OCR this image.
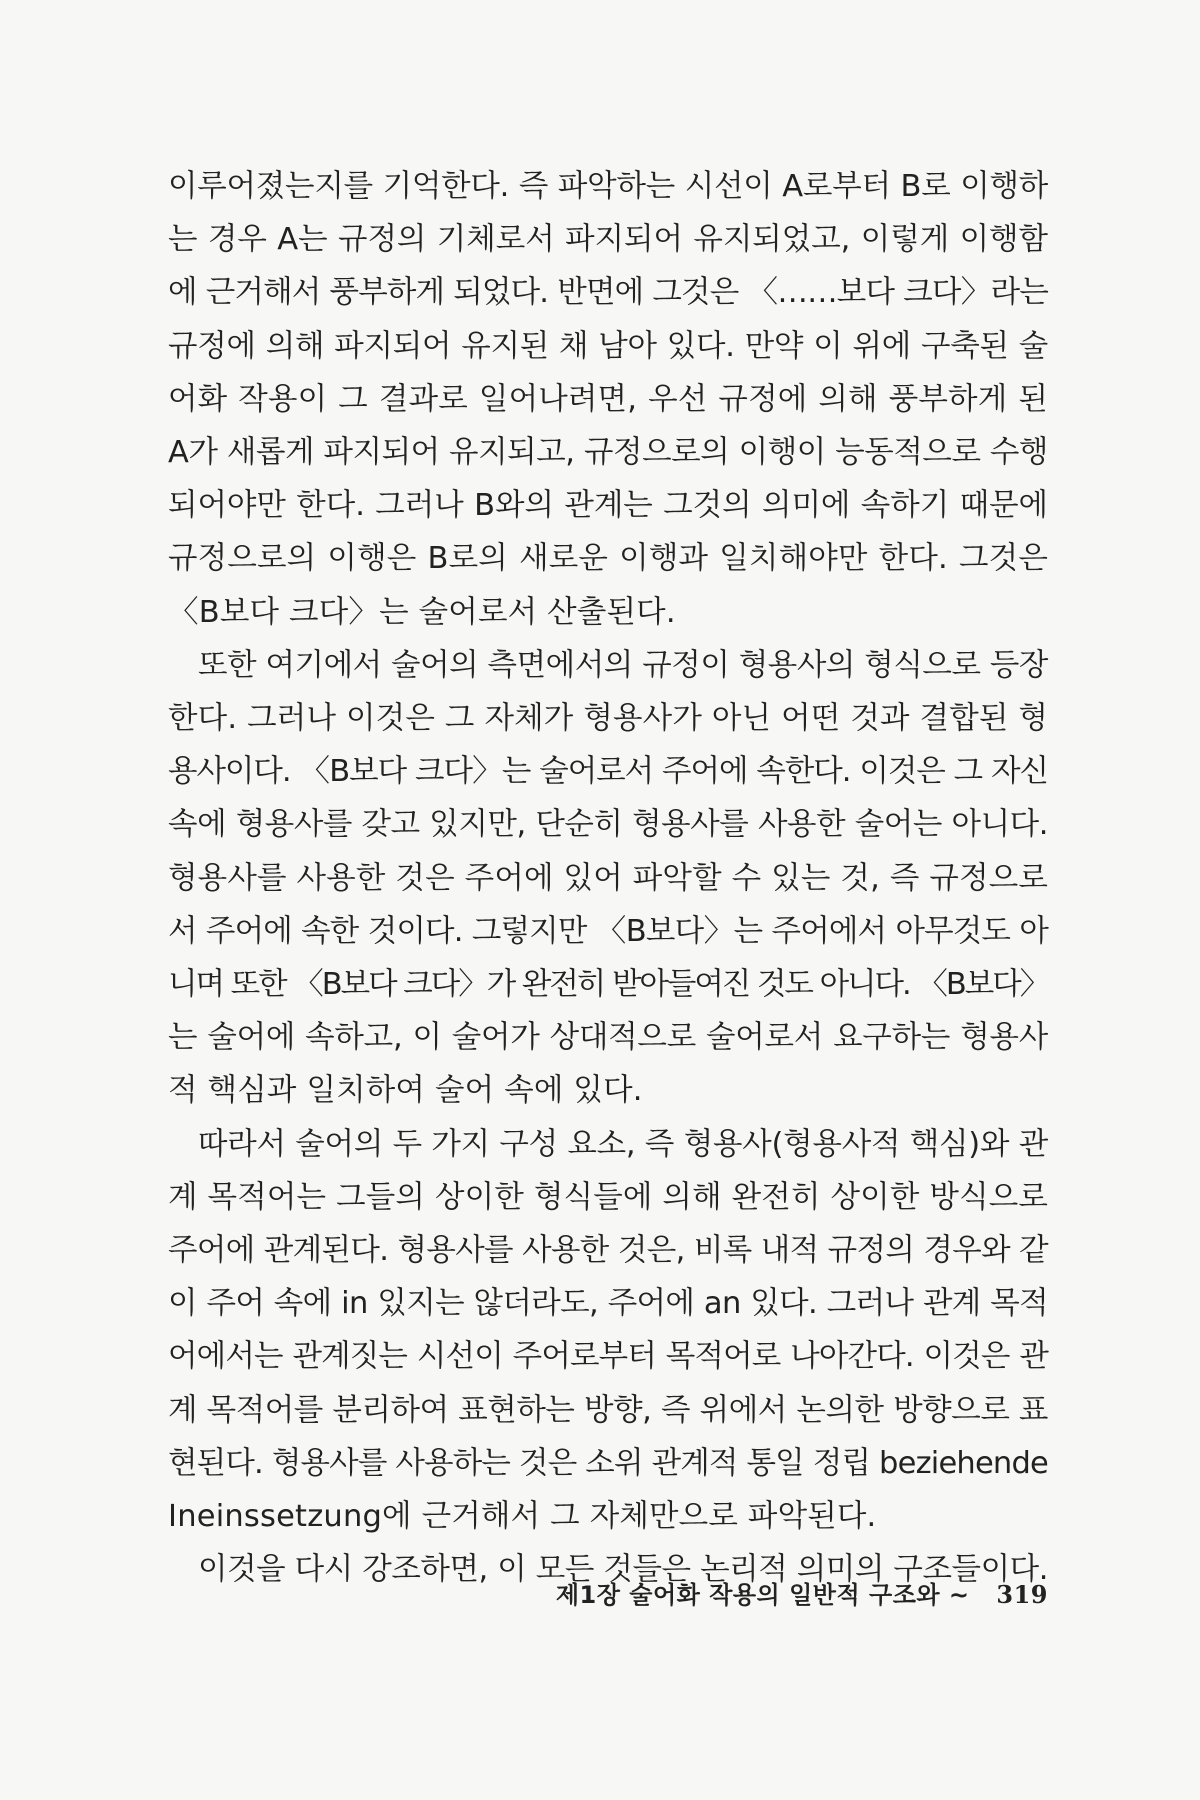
이루어졌는지를 기억한다. 즉 파악하는 시선이 A로부터 B로 이행하
는 경우 A는 규정의 기체로서 파지되어 유지되었고, 이렇게 이행함
에 근거해서 풍부하게 되었다. 반면에 그것은 〈……보다 크다〉라는
규정에 의해 파지되어 유지된 채 남아 있다. 만약 이 위에 구축된 술
어화 작용이 그 결과로 일어나려면, 우선 규정에 의해 풍부하게 된
A가 새롭게 파지되어 유지되고, 규정으로의 이행이 능동적으로 수행
되어야만 한다. 그러나 B와의 관계는 그것의 의미에 속하기 때문에
규정으로의 이행은 B로의 새로운 이행과 일치해야만 한다. 그것은
〈B보다 크다〉는 술어로서 산출된다.
또한 여기에서 술어의 측면에서의 규정이 형용사의 형식으로 등장
한다. 그러나 이것은 그 자체가 형용사가 아닌 어떤 것과 결합된 형
용사이다. 〈B보다 크다〉는 술어로서 주어에 속한다. 이것은 그 자신
속에 형용사를 갖고 있지만, 단순히 형용사를 사용한 술어는 아니다.
형용사를 사용한 것은 주어에 있어 파악할 수 있는 것, 즉 규정으로
서 주어에 속한 것이다. 그렇지만 〈B보다〉는 주어에서 아무것도 아
니며 또한 〈B보다 크다〉가 완전히 받아들여진 것도 아니다. 〈B보다〉
는 술어에 속하고, 이 술어가 상대적으로 술어로서 요구하는 형용사
적 핵심과 일치하여 술어 속에 있다.
따라서 술어의 두 가지 구성 요소, 즉 형용사(형용사적 핵심)와 관
계 목적어는 그들의 상이한 형식들에 의해 완전히 상이한 방식으로
주어에 관계된다. 형용사를 사용한 것은, 비록 내적 규정의 경우와 같
이 주어 속에 in 있지는 않더라도, 주어에 an 있다. 그러나 관계 목적
어에서는 관계짓는 시선이 주어로부터 목적어로 나아간다. 이것은 관
계 목적어를 분리하여 표현하는 방향, 즉 위에서 논의한 방향으로 표
현된다. 형용사를 사용하는 것은 소위 관계적 통일 정립 beziehende
Ineinssetzung에 근거해서 그 자체만으로 파악된다.
이것을 다시 강조하면, 이 모든 것들은 논리적 의미의 구조들이다.
제1장 술어화 작용의 일반적 구조와 ~ 319
